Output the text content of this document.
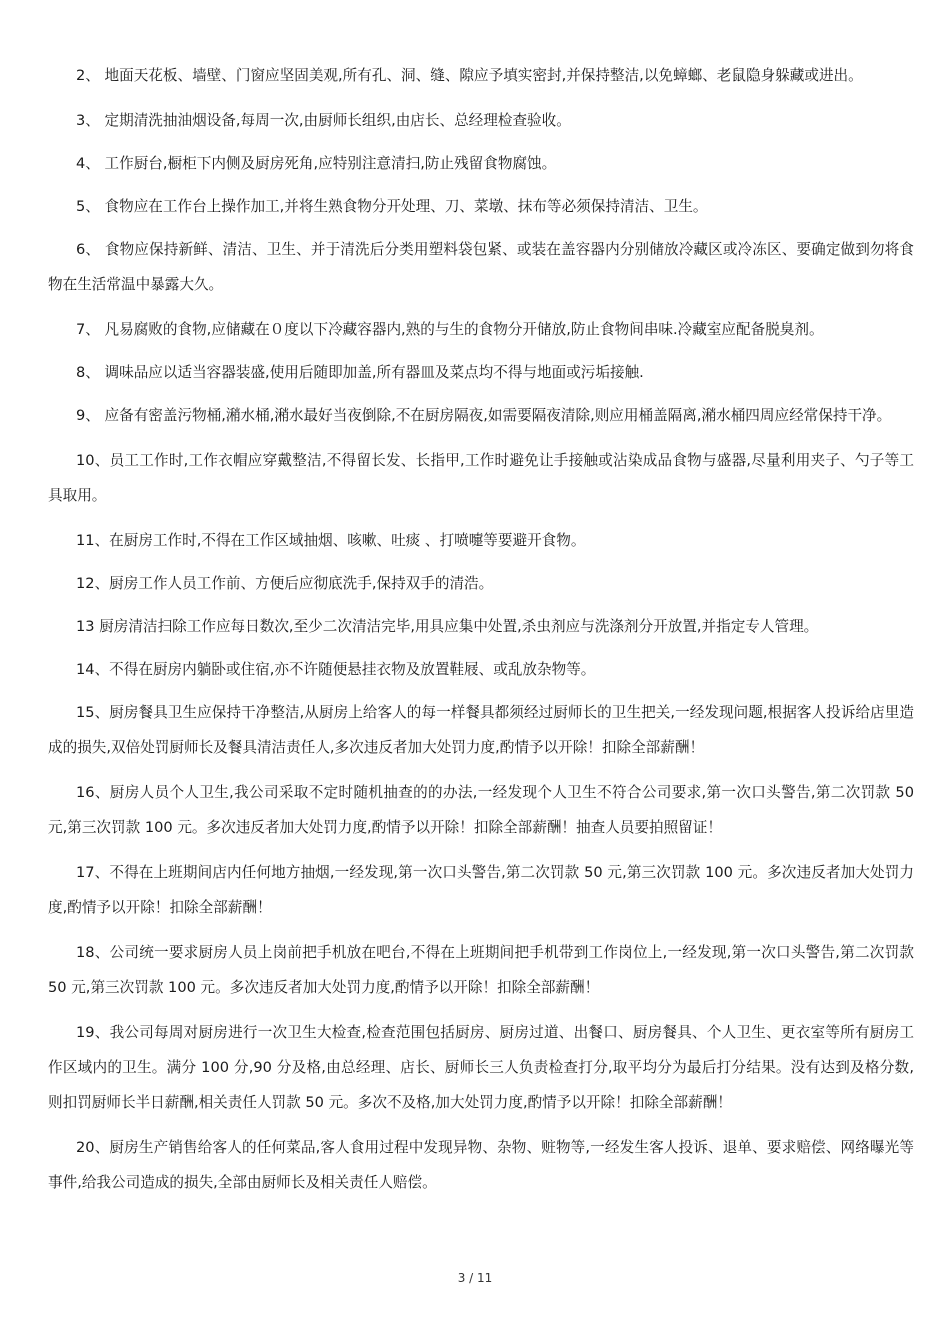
2、 地面天花板、墙壁、门窗应坚固美观,所有孔、洞、缝、隙应予填实密封,并保持整洁,以免蟑螂、老鼠隐身躲藏或进出。

3、 定期清洗抽油烟设备,每周一次,由厨师长组织,由店长、总经理检查验收。

4、 工作厨台,橱柜下内侧及厨房死角,应特别注意清扫,防止残留食物腐蚀。

5、 食物应在工作台上操作加工,并将生熟食物分开处理、刀、菜墩、抹布等必须保持清洁、卫生。

6、 食物应保持新鲜、清洁、卫生、并于清洗后分类用塑料袋包紧、或装在盖容器内分别储放冷藏区或冷冻区、要确定做到勿将食物在生活常温中暴露大久。

7、 凡易腐败的食物,应储藏在０度以下冷藏容器内,熟的与生的食物分开储放,防止食物间串味.冷藏室应配备脱臭剂。

8、 调味品应以适当容器装盛,使用后随即加盖,所有器皿及菜点均不得与地面或污垢接触.

9、 应备有密盖污物桶,潲水桶,潲水最好当夜倒除,不在厨房隔夜,如需要隔夜清除,则应用桶盖隔离,潲水桶四周应经常保持干净。

10、员工工作时,工作衣帽应穿戴整洁,不得留长发、长指甲,工作时避免让手接触或沾染成品食物与盛器,尽量利用夹子、勺子等工具取用。

11、在厨房工作时,不得在工作区域抽烟、咳嗽、吐痰 、打喷嚏等要避开食物。

12、厨房工作人员工作前、方便后应彻底洗手,保持双手的清浩。

13 厨房清洁扫除工作应每日数次,至少二次清洁完毕,用具应集中处置,杀虫剂应与洗涤剂分开放置,并指定专人管理。

14、不得在厨房内躺卧或住宿,亦不许随便悬挂衣物及放置鞋屐、或乱放杂物等。

15、厨房餐具卫生应保持干净整洁,从厨房上给客人的每一样餐具都须经过厨师长的卫生把关,一经发现问题,根据客人投诉给店里造成的损失,双倍处罚厨师长及餐具清洁责任人,多次违反者加大处罚力度,酌情予以开除！扣除全部薪酬！

16、厨房人员个人卫生,我公司采取不定时随机抽查的的办法,一经发现个人卫生不符合公司要求,第一次口头警告,第二次罚款 50 元,第三次罚款 100 元。多次违反者加大处罚力度,酌情予以开除！扣除全部薪酬！抽查人员要拍照留证！

17、不得在上班期间店内任何地方抽烟,一经发现,第一次口头警告,第二次罚款 50 元,第三次罚款 100 元。多次违反者加大处罚力度,酌情予以开除！扣除全部薪酬！

18、公司统一要求厨房人员上岗前把手机放在吧台,不得在上班期间把手机带到工作岗位上,一经发现,第一次口头警告,第二次罚款 50 元,第三次罚款 100 元。多次违反者加大处罚力度,酌情予以开除！扣除全部薪酬！

19、我公司每周对厨房进行一次卫生大检查,检查范围包括厨房、厨房过道、出餐口、厨房餐具、个人卫生、更衣室等所有厨房工作区域内的卫生。满分 100 分,90 分及格,由总经理、店长、厨师长三人负责检查打分,取平均分为最后打分结果。没有达到及格分数,则扣罚厨师长半日薪酬,相关责任人罚款 50 元。多次不及格,加大处罚力度,酌情予以开除！扣除全部薪酬！

20、厨房生产销售给客人的任何菜品,客人食用过程中发现异物、杂物、赃物等,一经发生客人投诉、退单、要求赔偿、网络曝光等事件,给我公司造成的损失,全部由厨师长及相关责任人赔偿。

3 / 11
